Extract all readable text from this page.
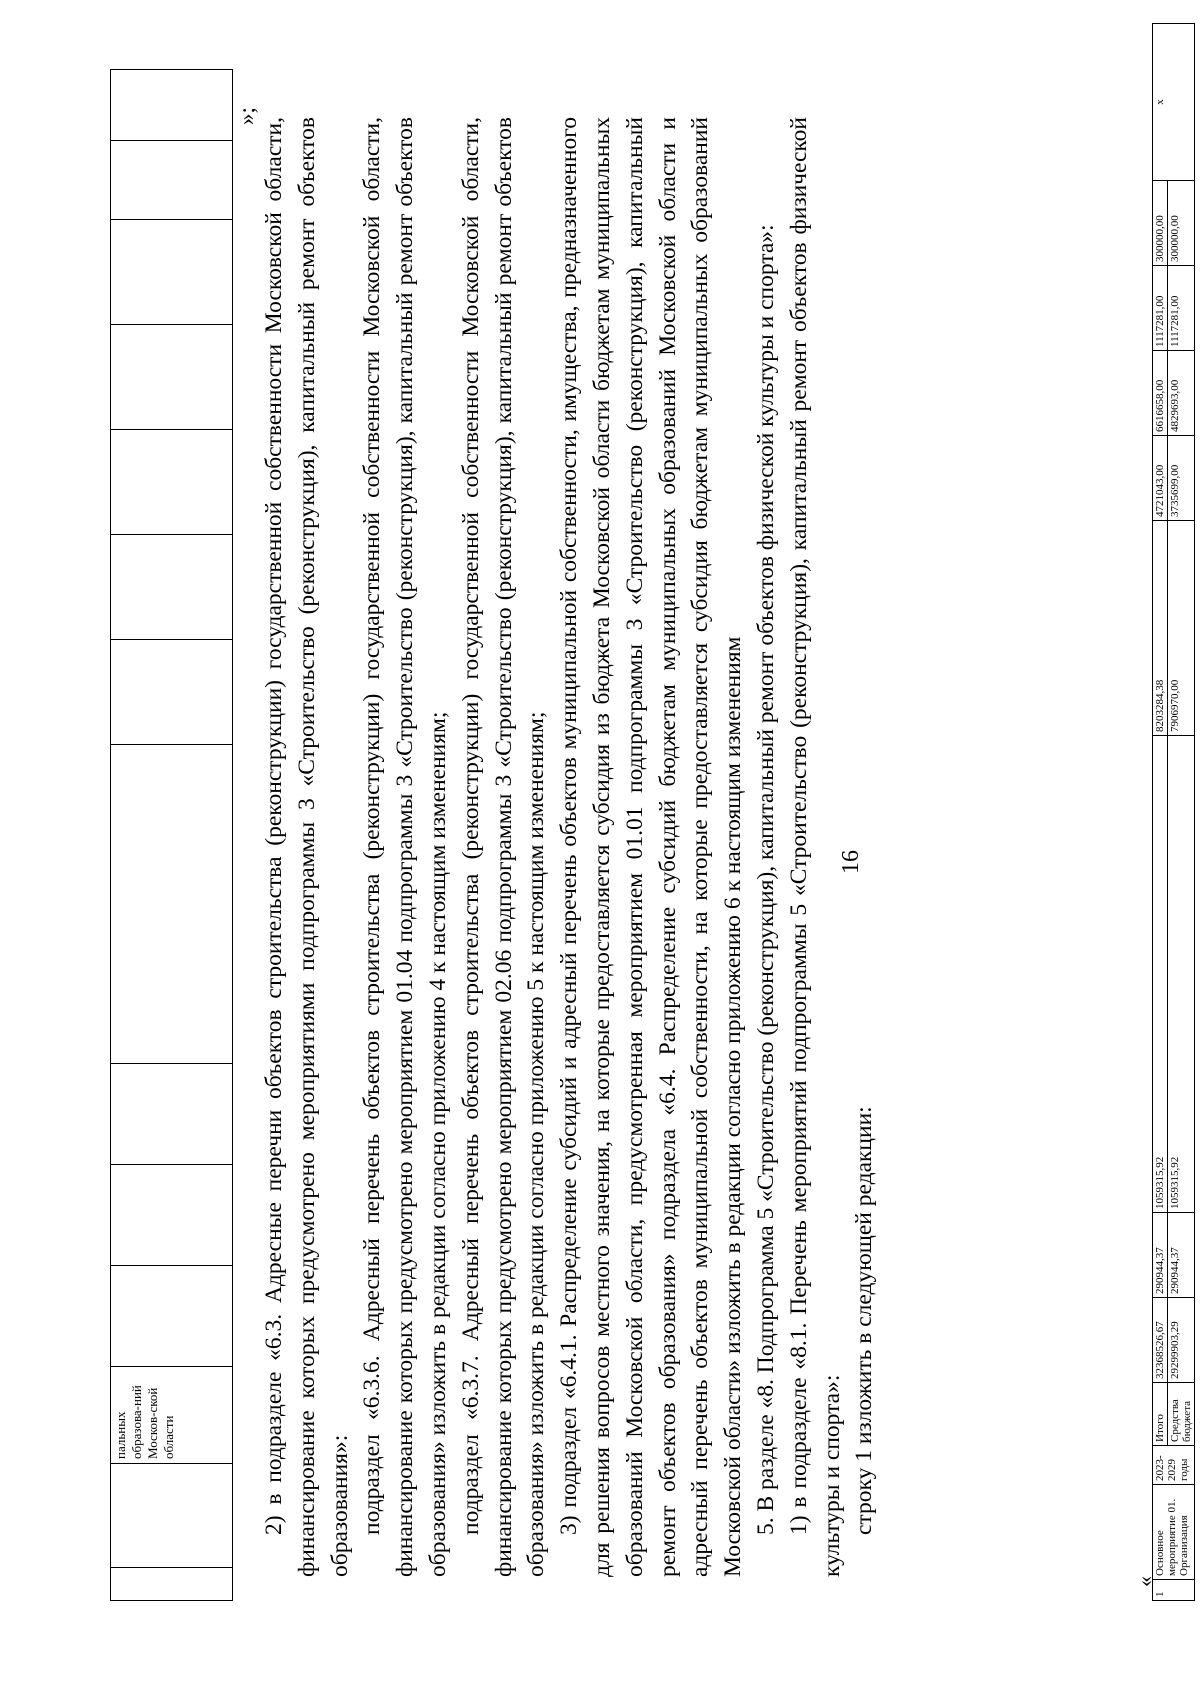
16
		пальных образова-ний Москов-ской области											
»;

2) в подразделе «6.3. Адресные перечни объектов строительства (реконструкции) государственной собственности Московской области, финансирование которых предусмотрено мероприятиями подпрограммы 3 «Строительство (реконструкция), капитальный ремонт объектов образования»: подраздел «6.3.6. Адресный перечень объектов строительства (реконструкции) государственной собственности Московской области, финансирование которых предусмотрено мероприятием 01.04 подпрограммы 3 «Строительство (реконструкция), капитальный ремонт объектов образования» изложить в редакции согласно приложению 4 к настоящим изменениям; подраздел «6.3.7. Адресный перечень объектов строительства (реконструкции) государственной собственности Московской области, финансирование которых предусмотрено мероприятием 02.06 подпрограммы 3 «Строительство (реконструкция), капитальный ремонт объектов образования» изложить в редакции согласно приложению 5 к настоящим изменениям; 3) подраздел «6.4.1. Распределение субсидий и адресный перечень объектов муниципальной собственности, имущества, предназначенного для решения вопросов местного значения, на которые предоставляется субсидия из бюджета Московской области бюджетам муниципальных образований Московской области, предусмотренная мероприятием 01.01 подпрограммы 3 «Строительство (реконструкция), капитальный ремонт объектов образования» подраздела «6.4. Распределение субсидий бюджетам муниципальных образований Московской области и адресный перечень объектов муниципальной собственности, на которые предоставляется субсидия бюджетам муниципальных образований Московской области» изложить в редакции согласно приложению 6 к настоящим изменениям 5. В разделе «8. Подпрограмма 5 «Строительство (реконструкция), капитальный ремонт объектов физической культуры и спорта»: 1) в подразделе «8.1. Перечень мероприятий подпрограммы 5 «Строительство (реконструкция), капитальный ремонт объектов физической культуры и спорта»: строку 1 изложить в следующей редакции:

«
1	Основное мероприятие 01. Организация	2023-2029 годы	Итого	32368526,67	290944,37	1059315,92	8203284,38	4721043,00	6616658,00	1117281,00	300000,00	х
			Средства бюджета	29299903,29	290944,37	1059315,92	7906970,00	3735699,00	4829693,00	1117281,00	300000,00	
